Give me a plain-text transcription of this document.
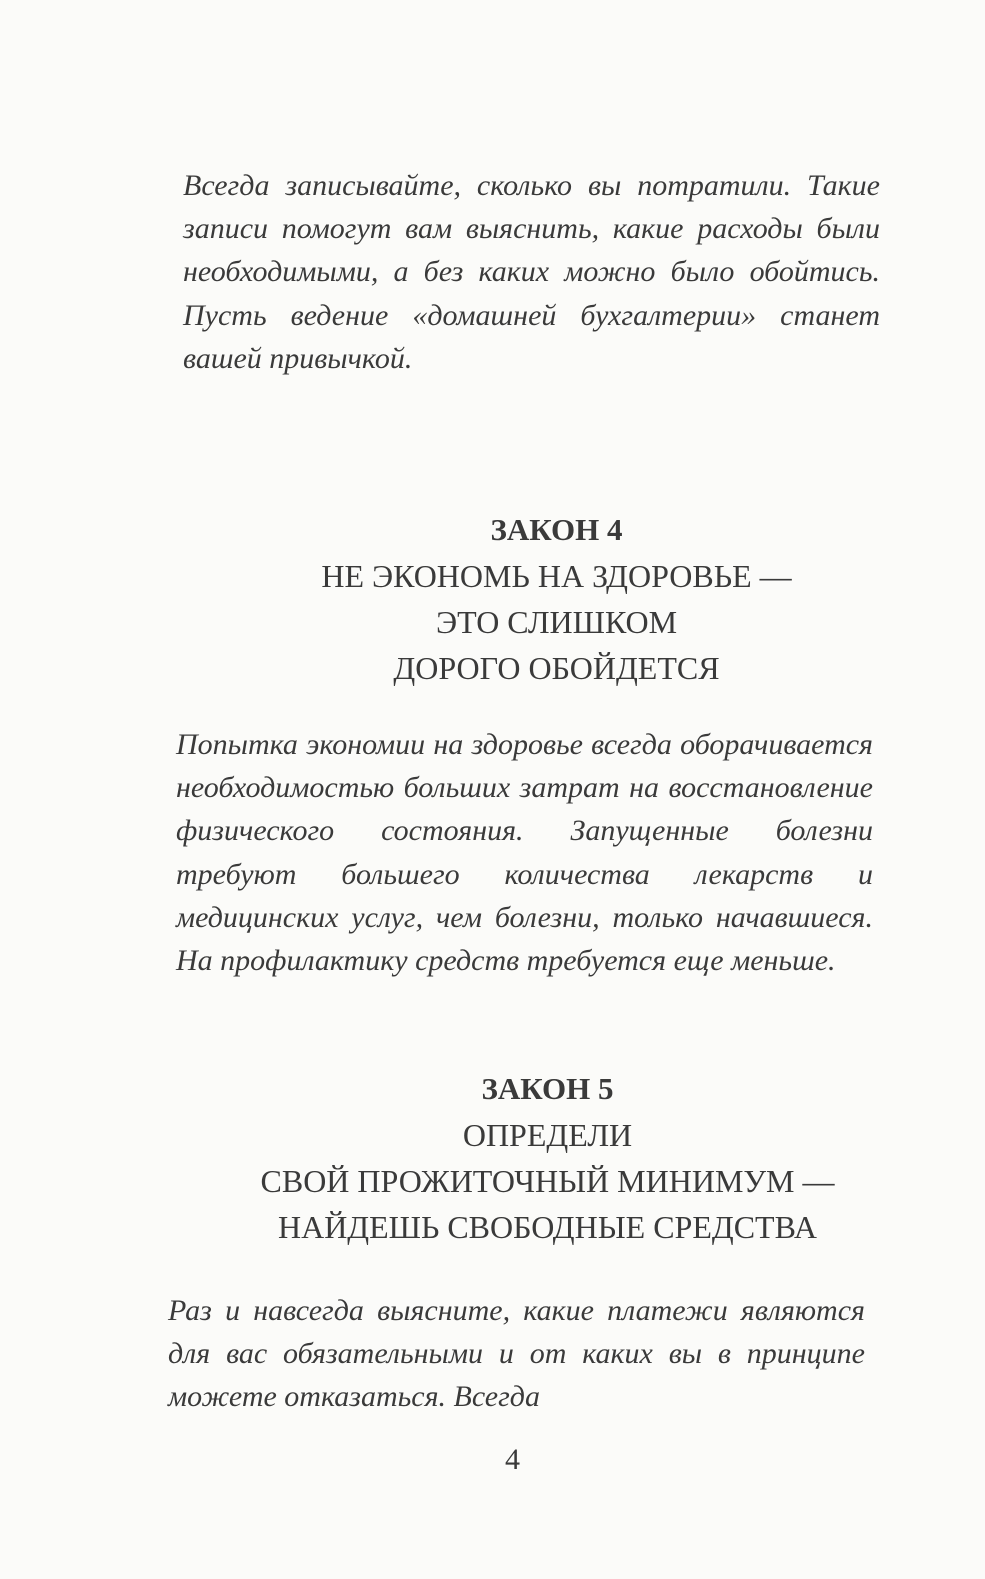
Всегда записывайте, сколько вы потратили. Такие записи помогут вам выяснить, какие расходы были необходимыми, а без каких можно было обойтись. Пусть ведение «домашней бухгалтерии» станет вашей привычкой.

ЗАКОН 4
НЕ ЭКОНОМЬ НА ЗДОРОВЬЕ —
ЭТО СЛИШКОМ
ДОРОГО ОБОЙДЕТСЯ

Попытка экономии на здоровье всегда оборачивается необходимостью больших затрат на восстановление физического состояния. Запущенные болезни требуют большего количества лекарств и медицинских услуг, чем болезни, только начавшиеся. На профилактику средств требуется еще меньше.

ЗАКОН 5
ОПРЕДЕЛИ
СВОЙ ПРОЖИТОЧНЫЙ МИНИМУМ —
НАЙДЕШЬ СВОБОДНЫЕ СРЕДСТВА

Раз и навсегда выясните, какие платежи являются для вас обязательными и от каких вы в принципе можете отказаться. Всегда

4
